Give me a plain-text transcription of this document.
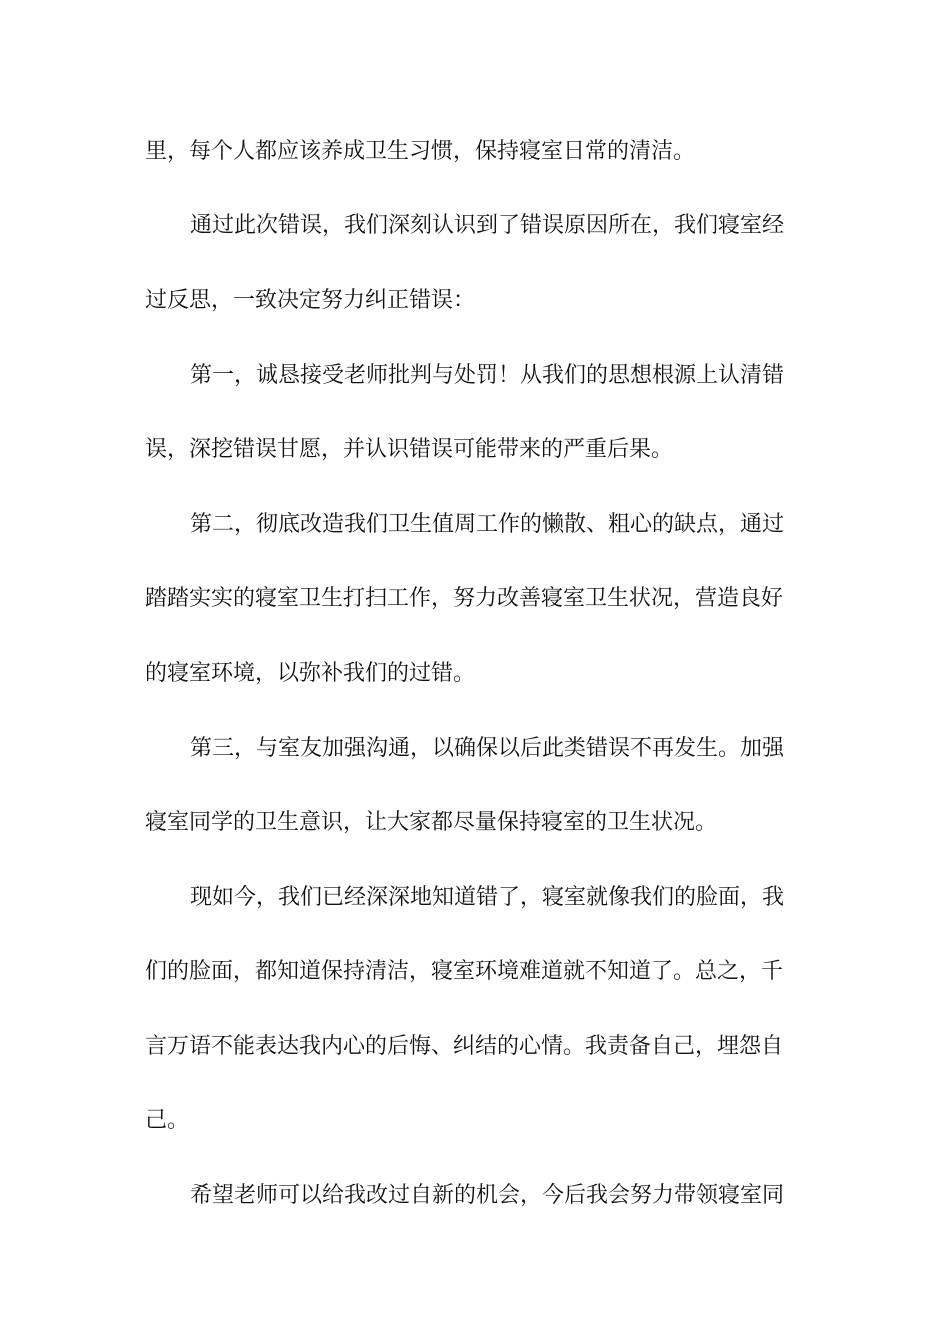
里，每个人都应该养成卫生习惯，保持寝室日常的清洁。
通过此次错误，我们深刻认识到了错误原因所在，我们寝室经
过反思，一致决定努力纠正错误：
第一，诚恳接受老师批判与处罚！从我们的思想根源上认清错
误，深挖错误甘愿，并认识错误可能带来的严重后果。
第二，彻底改造我们卫生值周工作的懒散、粗心的缺点，通过
踏踏实实的寝室卫生打扫工作，努力改善寝室卫生状况，营造良好
的寝室环境，以弥补我们的过错。
第三，与室友加强沟通，以确保以后此类错误不再发生。加强
寝室同学的卫生意识，让大家都尽量保持寝室的卫生状况。
现如今，我们已经深深地知道错了，寝室就像我们的脸面，我
们的脸面，都知道保持清洁，寝室环境难道就不知道了。总之，千
言万语不能表达我内心的后悔、纠结的心情。我责备自己，埋怨自
己。
希望老师可以给我改过自新的机会，今后我会努力带领寝室同
